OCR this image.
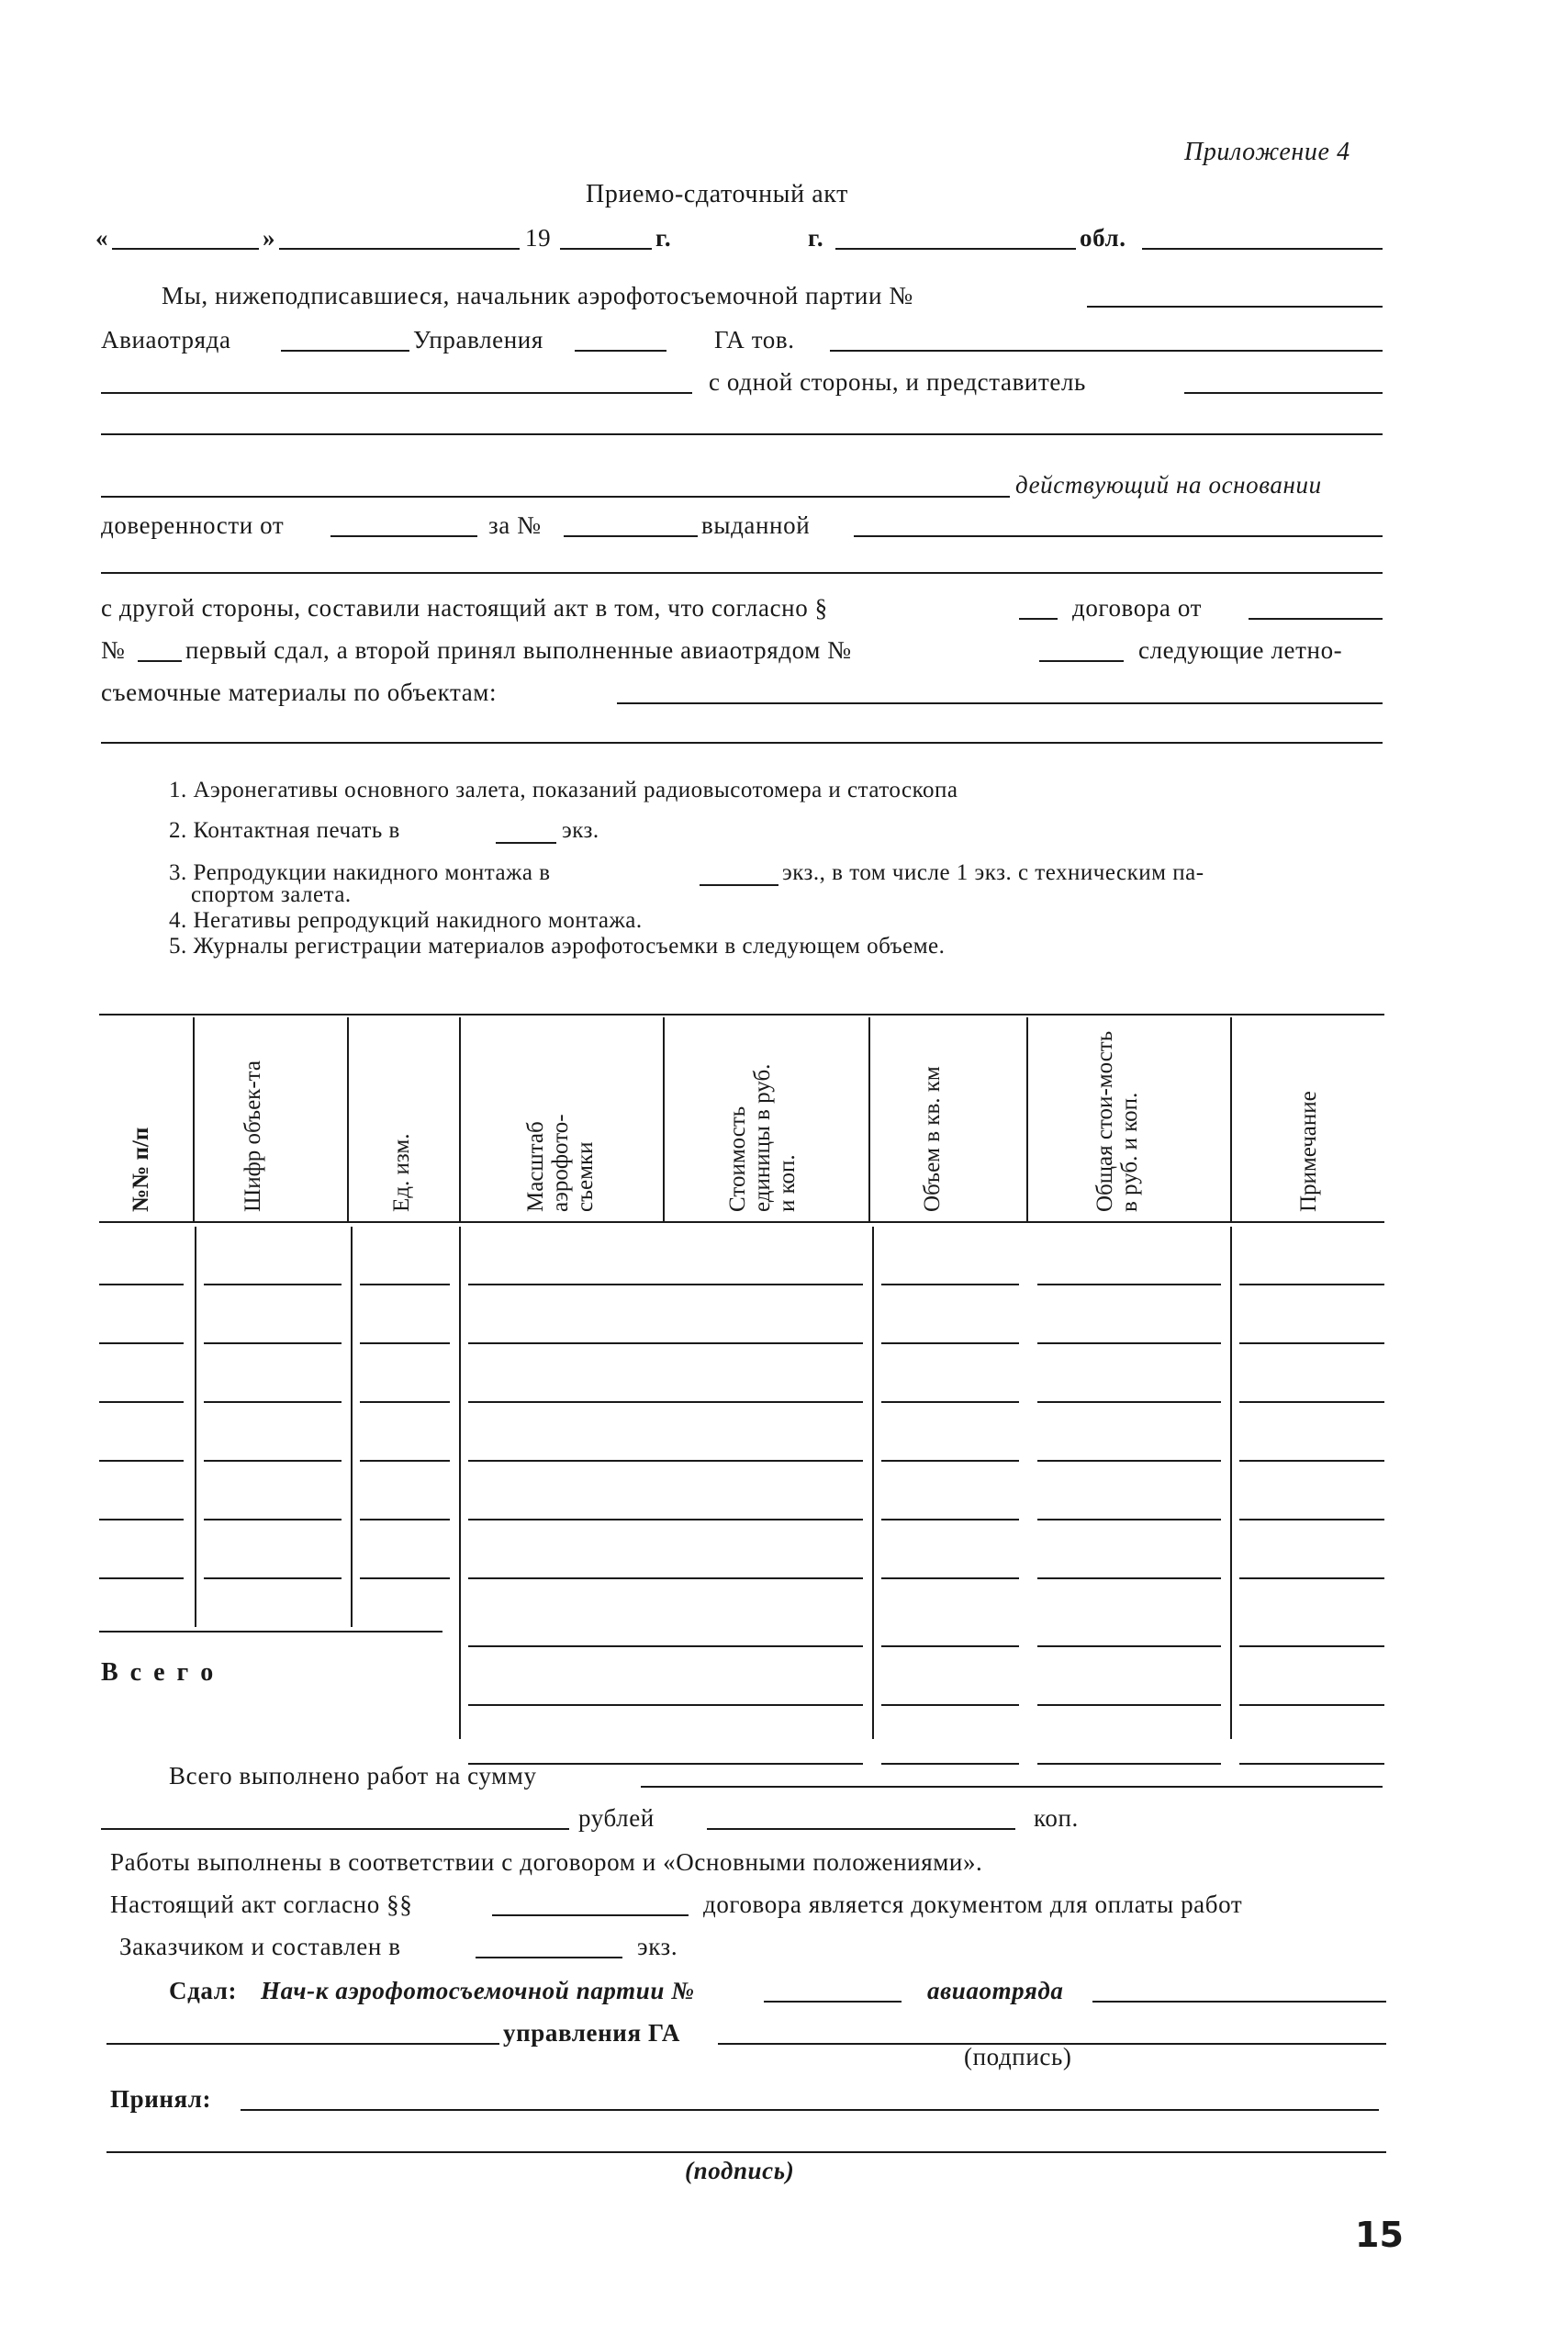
Приложение 4
Приемо-сдаточный акт
«	»	19	г.	г.	обл.
Мы, нижеподписавшиеся, начальник аэрофотосъемочной партии №
Авиаотряда	Управления	ГА тов.
с одной стороны, и представитель
действующий на основании
доверенности от	за №	выданной
с другой стороны, составили настоящий акт в том, что согласно §	договора от
№ первый сдал, а второй принял выполненные авиаотрядом №	следующие летно-
съемочные материалы по объектам:
1. Аэронегативы основного залета, показаний радиовысотомера и статоскопа
2. Контактная печать в	экз.
3. Репродукции накидного монтажа в	экз., в том числе 1 экз. с техническим па-
спортом залета.
4. Негативы репродукций накидного монтажа.
5. Журналы регистрации материалов аэрофотосъемки в следующем объеме.
№№ п/п	Шифр объек-та	Ед. изм.	Масштаб аэрофото-съемки	Стоимость единицы в руб. и коп.	Объем в кв. км	Общая стои-мость в руб. и коп.	Примечание
В с е г о
Всего выполнено работ на сумму
рублей	коп.
Работы выполнены в соответствии с договором и «Основными положениями».
Настоящий акт согласно §§	договора является документом для оплаты работ
Заказчиком и составлен в	экз.
Сдал: Нач-к аэрофотосъемочной партии №	авиаотряда
управления ГА
(подпись)
Принял:
(подпись)
15
